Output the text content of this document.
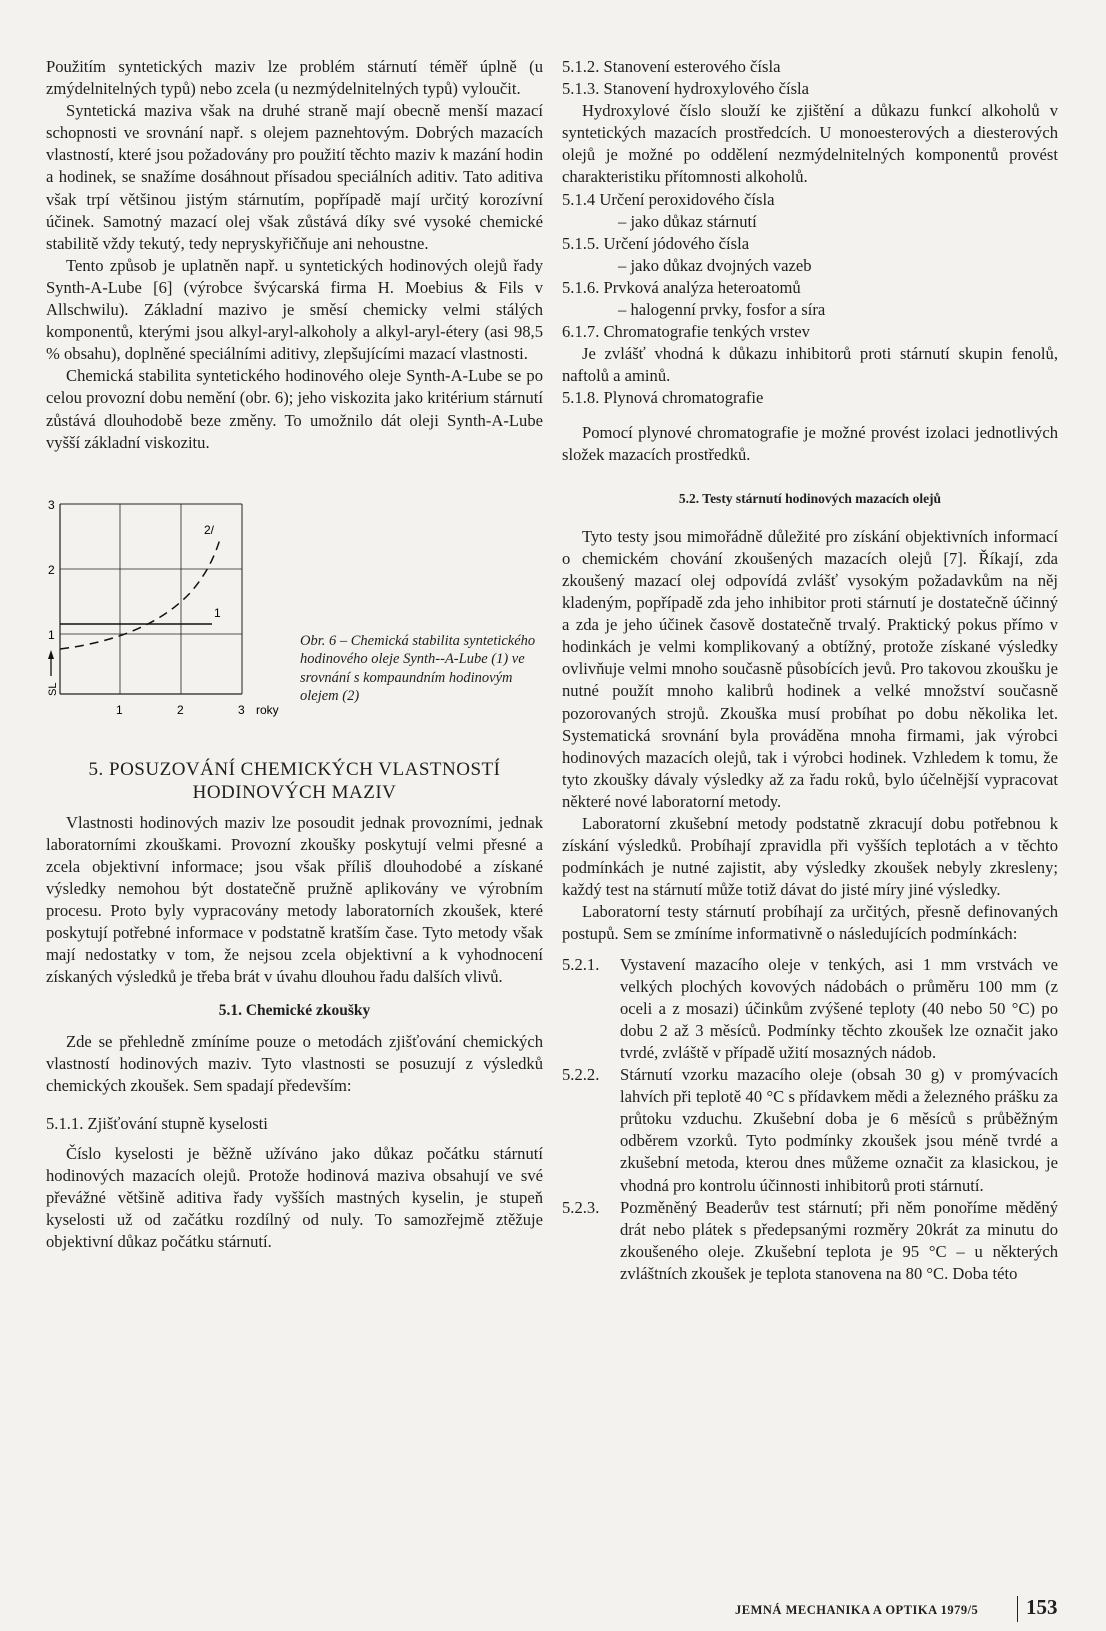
Použitím syntetických maziv lze problém stárnutí téměř úplně (u zmýdelnitelných typů) nebo zcela (u nezmýdelnitelných typů) vyloučit.

Syntetická maziva však na druhé straně mají obecně menší mazací schopnosti ve srovnání např. s olejem paznehtovým. Dobrých mazacích vlastností, které jsou požadovány pro použití těchto maziv k mazání hodin a hodinek, se snažíme dosáhnout přísadou speciálních aditiv. Tato aditiva však trpí většinou jistým stárnutím, popřípadě mají určitý korozívní účinek. Samotný mazací olej však zůstává díky své vysoké chemické stabilitě vždy tekutý, tedy nepryskyřičňuje ani nehoustne.

Tento způsob je uplatněn např. u syntetických hodinových olejů řady Synth-A-Lube [6] (výrobce švýcarská firma H. Moebius & Fils v Allschwilu). Základní mazivo je směsí chemicky velmi stálých komponentů, kterými jsou alkyl-aryl-alkoholy a alkyl-aryl-étery (asi 98,5 % obsahu), doplněné speciálními aditivy, zlepšujícími mazací vlastnosti.

Chemická stabilita syntetického hodinového oleje Synth-A-Lube se po celou provozní dobu nemění (obr. 6); jeho viskozita jako kritérium stárnutí zůstává dlouhodobě beze změny. To umožnilo dát oleji Synth-A-Lube vyšší základní viskozitu.

3
2
1
1	2	3 roky
SL
1
2/
Obr. 6 – Chemická stabilita syntetického hodinového oleje Synth--A-Lube (1) ve srovnání s kompaundním hodinovým olejem (2)
5. POSUZOVÁNÍ CHEMICKÝCH VLASTNOSTÍ HODINOVÝCH MAZIV

Vlastnosti hodinových maziv lze posoudit jednak provozními, jednak laboratorními zkouškami. Provozní zkoušky poskytují velmi přesné a zcela objektivní informace; jsou však příliš dlouhodobé a získané výsledky nemohou být dostatečně pružně aplikovány ve výrobním procesu. Proto byly vypracovány metody laboratorních zkoušek, které poskytují potřebné informace v podstatně kratším čase. Tyto metody však mají nedostatky v tom, že nejsou zcela objektivní a k vyhodnocení získaných výsledků je třeba brát v úvahu dlouhou řadu dalších vlivů.

5.1. Chemické zkoušky

Zde se přehledně zmíníme pouze o metodách zjišťování chemických vlastností hodinových maziv. Tyto vlastnosti se posuzují z výsledků chemických zkoušek. Sem spadají především:

5.1.1. Zjišťování stupně kyselosti

Číslo kyselosti je běžně užíváno jako důkaz počátku stárnutí hodinových mazacích olejů. Protože hodinová maziva obsahují ve své převážné většině aditiva řady vyšších mastných kyselin, je stupeň kyselosti už od začátku rozdílný od nuly. To samozřejmě ztěžuje objektivní důkaz počátku stárnutí.

5.1.2. Stanovení esterového čísla
5.1.3. Stanovení hydroxylového čísla

Hydroxylové číslo slouží ke zjištění a důkazu funkcí alkoholů v syntetických mazacích prostředcích. U monoesterových a diesterových olejů je možné po oddělení nezmýdelnitelných komponentů provést charakteristiku přítomnosti alkoholů.

5.1.4 Určení peroxidového čísla
– jako důkaz stárnutí
5.1.5. Určení jódového čísla
– jako důkaz dvojných vazeb
5.1.6. Prvková analýza heteroatomů
– halogenní prvky, fosfor a síra
6.1.7. Chromatografie tenkých vrstev

Je zvlášť vhodná k důkazu inhibitorů proti stárnutí skupin fenolů, naftolů a aminů.

5.1.8. Plynová chromatografie

Pomocí plynové chromatografie je možné provést izolaci jednotlivých složek mazacích prostředků.

5.2. Testy stárnutí hodinových mazacích olejů

Tyto testy jsou mimořádně důležité pro získání objektivních informací o chemickém chování zkoušených mazacích olejů [7]. Říkají, zda zkoušený mazací olej odpovídá zvlášť vysokým požadavkům na něj kladeným, popřípadě zda jeho inhibitor proti stárnutí je dostatečně účinný a zda je jeho účinek časově dostatečně trvalý. Praktický pokus přímo v hodinkách je velmi komplikovaný a obtížný, protože získané výsledky ovlivňuje velmi mnoho současně působících jevů. Pro takovou zkoušku je nutné použít mnoho kalibrů hodinek a velké množství současně pozorovaných strojů. Zkouška musí probíhat po dobu několika let. Systematická srovnání byla prováděna mnoha firmami, jak výrobci hodinových mazacích olejů, tak i výrobci hodinek. Vzhledem k tomu, že tyto zkoušky dávaly výsledky až za řadu roků, bylo účelnější vypracovat některé nové laboratorní metody.

Laboratorní zkušební metody podstatně zkracují dobu potřebnou k získání výsledků. Probíhají zpravidla při vyšších teplotách a v těchto podmínkách je nutné zajistit, aby výsledky zkoušek nebyly zkresleny; každý test na stárnutí může totiž dávat do jisté míry jiné výsledky.

Laboratorní testy stárnutí probíhají za určitých, přesně definovaných postupů. Sem se zmíníme informativně o následujících podmínkách:

5.2.1.	Vystavení mazacího oleje v tenkých, asi 1 mm vrstvách ve velkých plochých kovových nádobách o průměru 100 mm (z oceli a z mosazi) účinkům zvýšené teploty (40 nebo 50 °C) po dobu 2 až 3 měsíců. Podmínky těchto zkoušek lze označit jako tvrdé, zvláště v případě užití mosazných nádob.
5.2.2.	Stárnutí vzorku mazacího oleje (obsah 30 g) v promývacích lahvích při teplotě 40 °C s přídavkem mědi a železného prášku za průtoku vzduchu. Zkušební doba je 6 měsíců s průběžným odběrem vzorků. Tyto podmínky zkoušek jsou méně tvrdé a zkušební metoda, kterou dnes můžeme označit za klasickou, je vhodná pro kontrolu účinnosti inhibitorů proti stárnutí.
5.2.3.	Pozměněný Beaderův test stárnutí; při něm ponoříme měděný drát nebo plátek s předepsanými rozměry 20krát za minutu do zkoušeného oleje. Zkušební teplota je 95 °C – u některých zvláštních zkoušek je teplota stanovena na 80 °C. Doba této
JEMNÁ MECHANIKA A OPTIKA 1979/5 153
